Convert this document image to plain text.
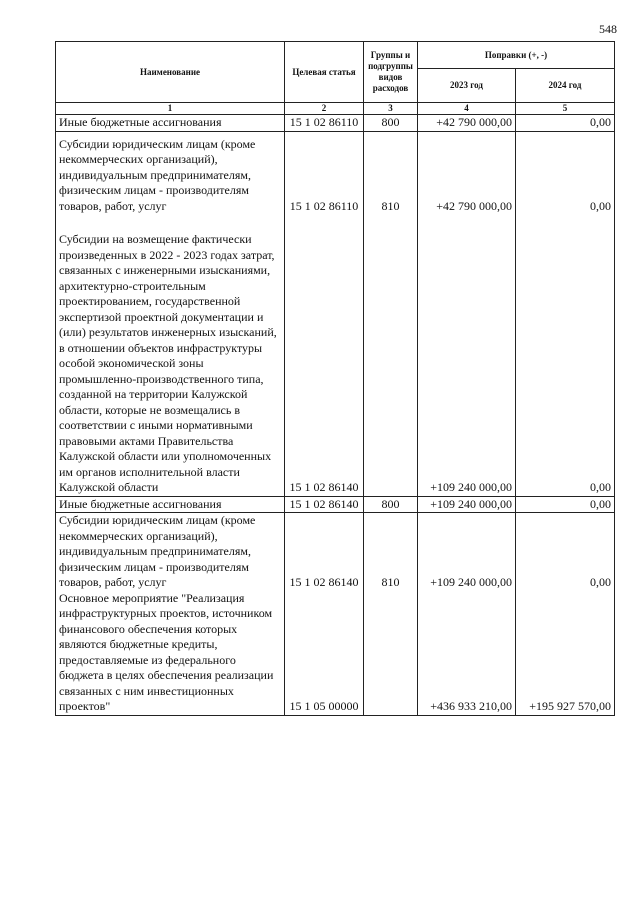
548
Наименование	Целевая статья	Группы и подгруппы видов расходов	Поправки (+, -)	
			2023 год	2024 год
1	2	3	4	5
Иные бюджетные ассигнования	15 1 02 86110	800	+42 790 000,00	0,00
Субсидии юридическим лицам (кроме некоммерческих организаций), индивидуальным предпринимателям, физическим лицам - производителям товаров, работ, услуг	15 1 02 86110	810	+42 790 000,00	0,00
Субсидии на возмещение фактически произведенных в 2022 - 2023 годах затрат, связанных с инженерными изысканиями, архитектурно-строительным проектированием, государственной экспертизой проектной документации и (или) результатов инженерных изысканий, в отношении объектов инфраструктуры особой экономической зоны промышленно-производственного типа, созданной на территории Калужской области, которые не возмещались в соответствии с иными нормативными правовыми актами Правительства Калужской области или уполномоченных им органов исполнительной власти Калужской области	15 1 02 86140		+109 240 000,00	0,00
Иные бюджетные ассигнования	15 1 02 86140	800	+109 240 000,00	0,00
Субсидии юридическим лицам (кроме некоммерческих организаций), индивидуальным предпринимателям, физическим лицам - производителям товаров, работ, услуг	15 1 02 86140	810	+109 240 000,00	0,00
Основное мероприятие "Реализация инфраструктурных проектов, источником финансового обеспечения которых являются бюджетные кредиты, предоставляемые из федерального бюджета в целях обеспечения реализации связанных с ним инвестиционных проектов"	15 1 05 00000		+436 933 210,00	+195 927 570,00
